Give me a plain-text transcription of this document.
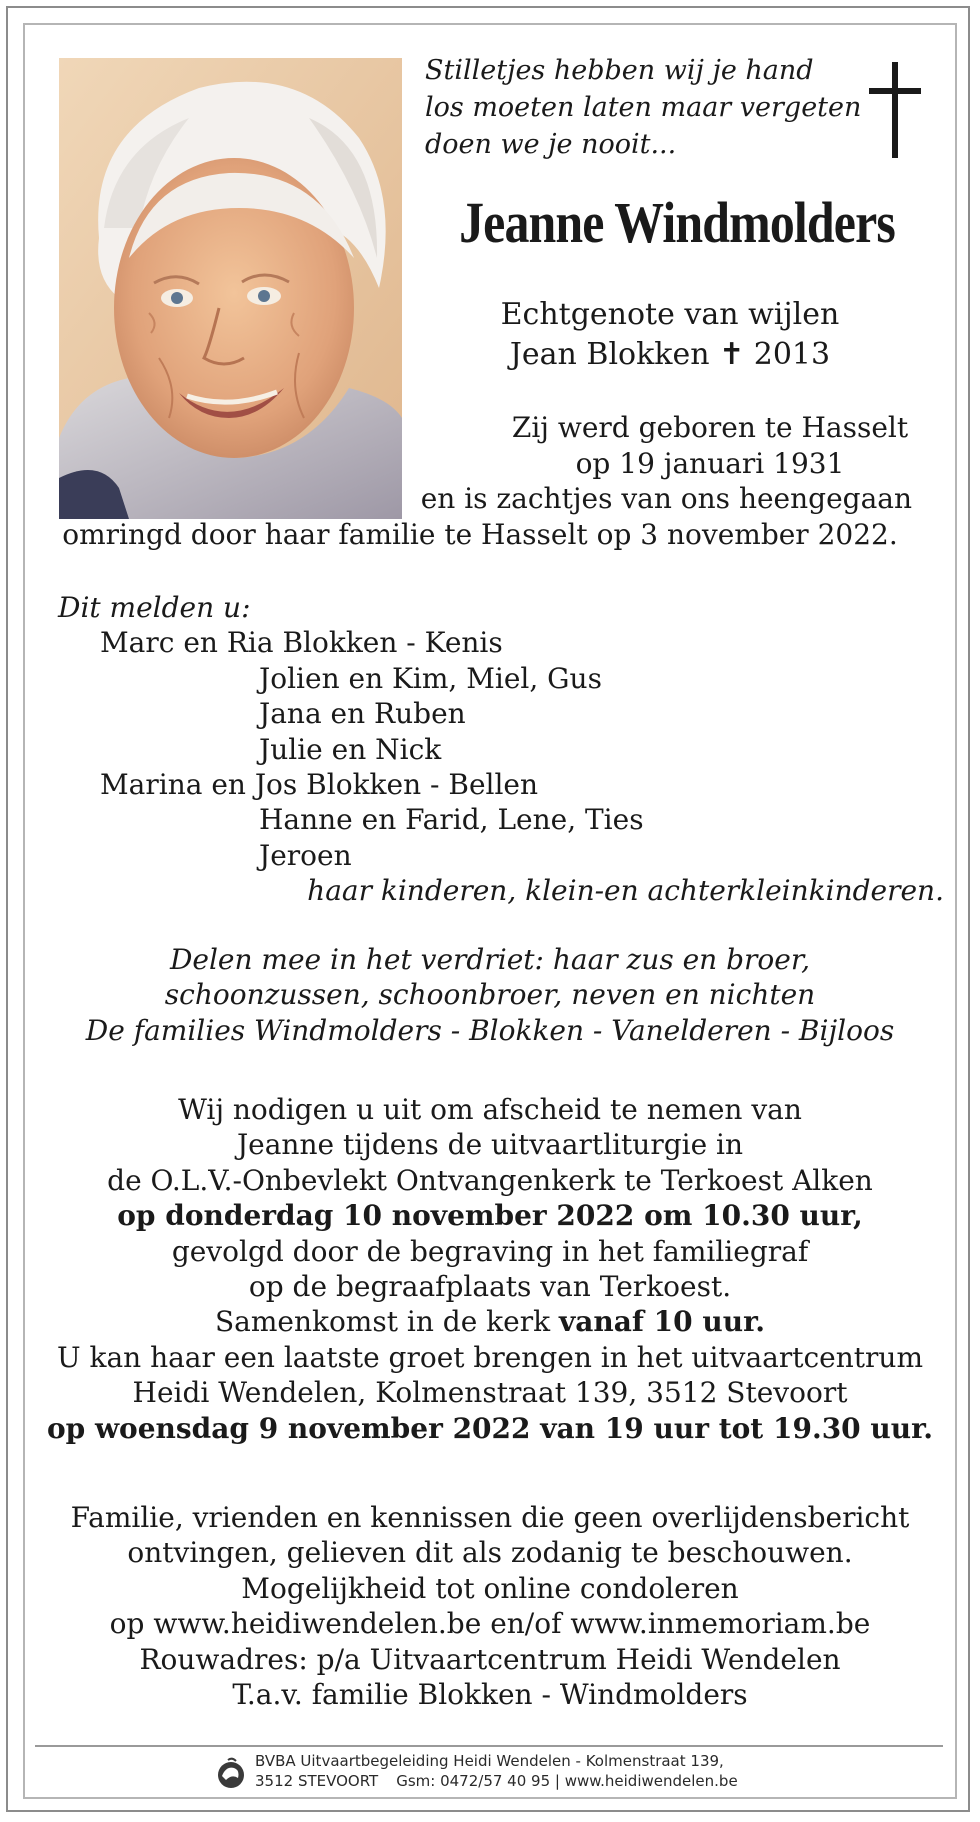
Stilletjes hebben wij je hand
los moeten laten maar vergeten
doen we je nooit...
Jeanne Windmolders
Echtgenote van wijlen
Jean Blokken ✝ 2013
Zij werd geboren te Hasselt
op 19 januari 1931
en is zachtjes van ons heengegaan
omringd door haar familie te Hasselt op 3 november 2022.
Dit melden u:
Marc en Ria Blokken - Kenis
Jolien en Kim, Miel, Gus
Jana en Ruben
Julie en Nick
Marina en Jos Blokken - Bellen
Hanne en Farid, Lene, Ties
Jeroen
haar kinderen, klein-en achterkleinkinderen.
Delen mee in het verdriet: haar zus en broer,
schoonzussen, schoonbroer, neven en nichten
De families Windmolders - Blokken - Vanelderen - Bijloos
Wij nodigen u uit om afscheid te nemen van
Jeanne tijdens de uitvaartliturgie in
de O.L.V.-Onbevlekt Ontvangenkerk te Terkoest Alken
op donderdag 10 november 2022 om 10.30 uur,
gevolgd door de begraving in het familiegraf
op de begraafplaats van Terkoest.
Samenkomst in de kerk vanaf 10 uur.
U kan haar een laatste groet brengen in het uitvaartcentrum
Heidi Wendelen, Kolmenstraat 139, 3512 Stevoort
op woensdag 9 november 2022 van 19 uur tot 19.30 uur.
Familie, vrienden en kennissen die geen overlijdensbericht
ontvingen, gelieven dit als zodanig te beschouwen.
Mogelijkheid tot online condoleren
op www.heidiwendelen.be en/of www.inmemoriam.be
Rouwadres: p/a Uitvaartcentrum Heidi Wendelen
T.a.v. familie Blokken - Windmolders
BVBA Uitvaartbegeleiding Heidi Wendelen - Kolmenstraat 139,
3512 STEVOORT Gsm: 0472/57 40 95 | www.heidiwendelen.be
